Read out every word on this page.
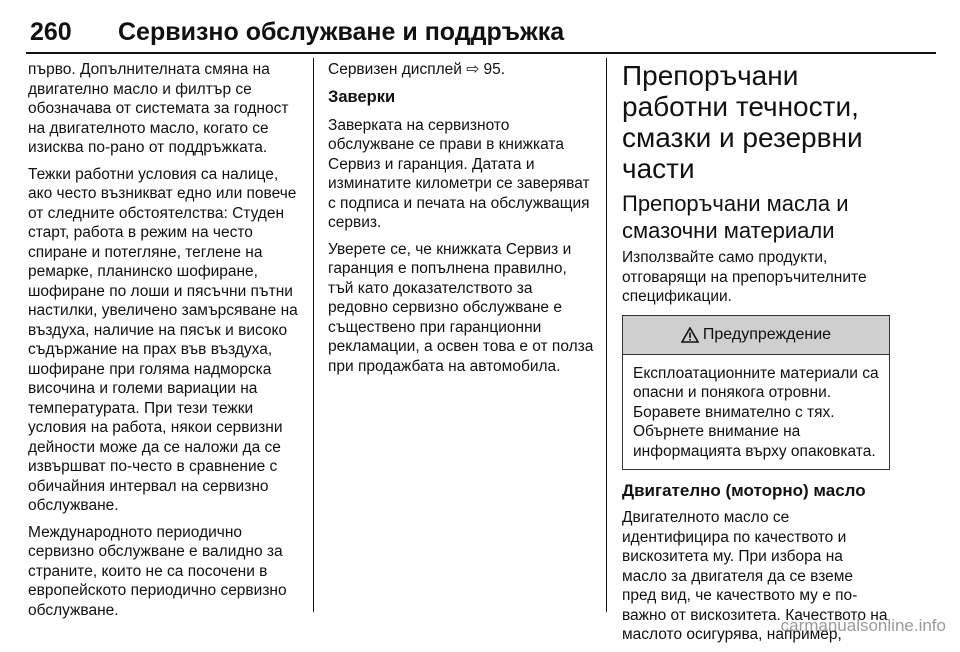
260 Сервизно обслужване и поддръжка

първо. Допълнителната смяна на двигателно масло и филтър се обозначава от системата за годност на двигателното масло, когато се изисква по-рано от поддръжката.

Тежки работни условия са налице, ако често възникват едно или повече от следните обстоятелства: Студен старт, работа в режим на често спиране и потегляне, теглене на ремарке, планинско шофиране, шофиране по лоши и пясъчни пътни настилки, увеличено замърсяване на въздуха, наличие на пясък и високо съдържание на прах във въздуха, шофиране при голяма надморска височина и големи вариации на температурата. При тези тежки условия на работа, някои сервизни дейности може да се наложи да се извършват по-често в сравнение с обичайния интервал на сервизно обслужване.

Международното периодично сервизно обслужване е валидно за страните, които не са посочени в европейското периодично сервизно обслужване.

Сервизен дисплей ⇨ 95.

Заверки

Заверката на сервизното обслужване се прави в книжката Сервиз и гаранция. Датата и изминатите километри се заверяват с подписа и печата на обслужващия сервиз.

Уверете се, че книжката Сервиз и гаранция е попълнена правилно, тъй като доказателството за редовно сервизно обслужване е съществено при гаранционни рекламации, а освен това е от полза при продажбата на автомобила.

Препоръчани работни течности, смазки и резервни части
Препоръчани масла и смазочни материали

Използвайте само продукти, отговарящи на препоръчителните спецификации.

Предупреждение

Експлоатационните материали са опасни и понякога отровни. Боравете внимателно с тях. Обърнете внимание на информацията върху опаковката.

Двигателно (моторно) масло

Двигателното масло се идентифицира по качеството и вискозитета му. При избора на масло за двигателя да се вземе пред вид, че качеството му е по-важно от вискозитета. Качеството на маслото осигурява, например,

carmanualsonline.info
